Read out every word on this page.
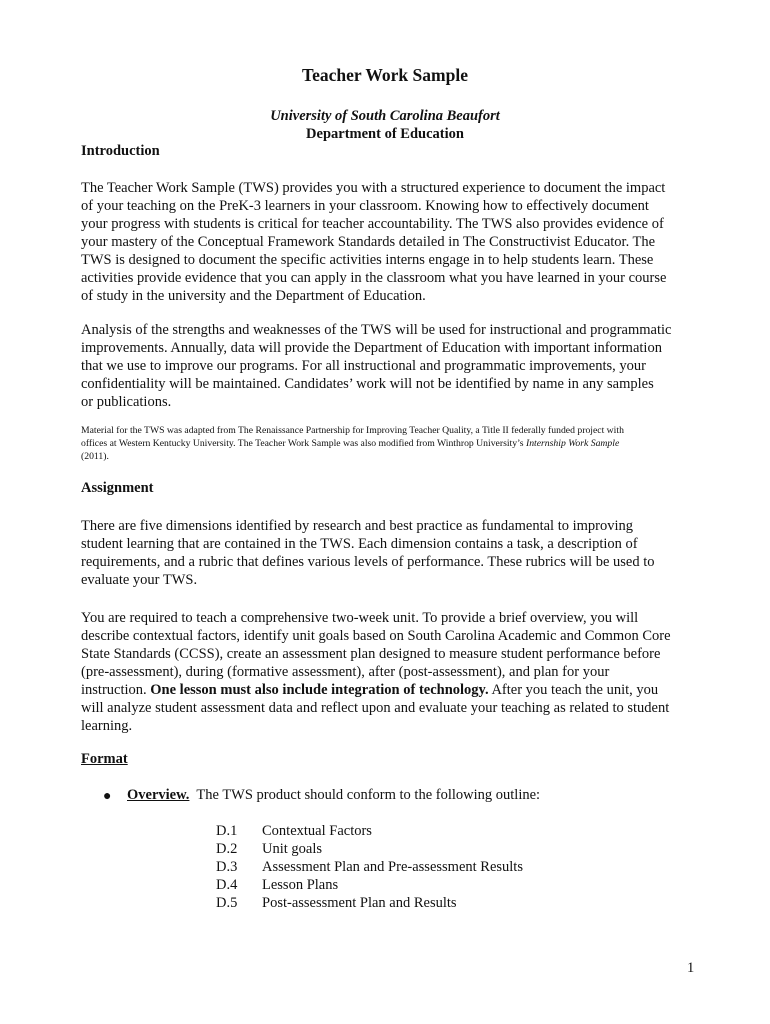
Teacher Work Sample
University of South Carolina Beaufort
Department of Education
Introduction
The Teacher Work Sample (TWS) provides you with a structured experience to document the impact
of your teaching on the PreK-3 learners in your classroom. Knowing how to effectively document
your progress with students is critical for teacher accountability. The TWS also provides evidence of
your mastery of the Conceptual Framework Standards detailed in The Constructivist Educator. The
TWS is designed to document the specific activities interns engage in to help students learn. These
activities provide evidence that you can apply in the classroom what you have learned in your course
of study in the university and the Department of Education.
Analysis of the strengths and weaknesses of the TWS will be used for instructional and programmatic
improvements. Annually, data will provide the Department of Education with important information
that we use to improve our programs. For all instructional and programmatic improvements, your
confidentiality will be maintained. Candidates’ work will not be identified by name in any samples
or publications.
Material for the TWS was adapted from The Renaissance Partnership for Improving Teacher Quality, a Title II federally funded project with
offices at Western Kentucky University. The Teacher Work Sample was also modified from Winthrop University’s Internship Work Sample
(2011).
Assignment
There are five dimensions identified by research and best practice as fundamental to improving
student learning that are contained in the TWS. Each dimension contains a task, a description of
requirements, and a rubric that defines various levels of performance. These rubrics will be used to
evaluate your TWS.
You are required to teach a comprehensive two-week unit. To provide a brief overview, you will
describe contextual factors, identify unit goals based on South Carolina Academic and Common Core
State Standards (CCSS), create an assessment plan designed to measure student performance before
(pre-assessment), during (formative assessment), after (post-assessment), and plan for your
instruction. One lesson must also include integration of technology. After you teach the unit, you
will analyze student assessment data and reflect upon and evaluate your teaching as related to student
learning.
Format
● Overview.  The TWS product should conform to the following outline:
D.1 Contextual Factors
D.2 Unit goals
D.3 Assessment Plan and Pre-assessment Results
D.4 Lesson Plans
D.5 Post-assessment Plan and Results
1
